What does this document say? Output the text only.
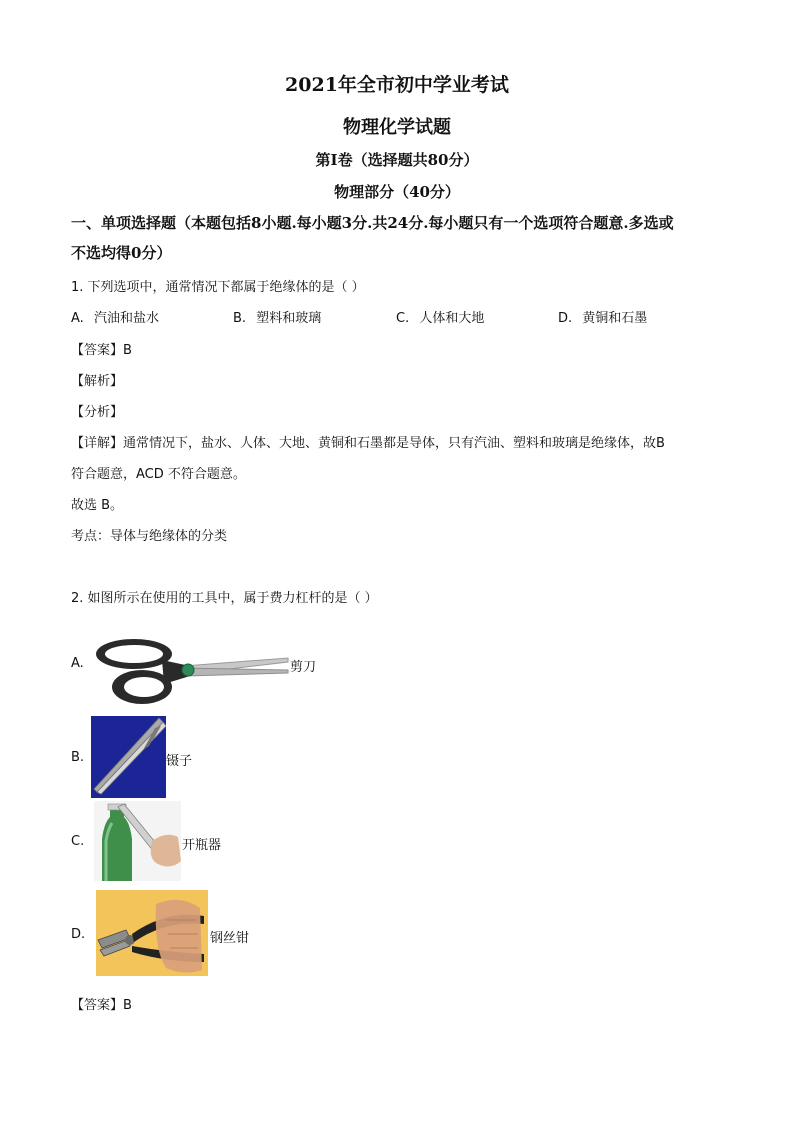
2021年全市初中学业考试
物理化学试题
第Ⅰ卷（选择题共80分）
物理部分（40分）
一、单项选择题（本题包括8小题.每小题3分.共24分.每小题只有一个选项符合题意.多选或
不选均得0分）
1. 下列选项中，通常情况下都属于绝缘体的是（ ）
A. 汽油和盐水	B. 塑料和玻璃	C. 人体和大地	D. 黄铜和石墨
【答案】B
【解析】
【分析】
【详解】通常情况下，盐水、人体、大地、黄铜和石墨都是导体，只有汽油、塑料和玻璃是绝缘体，故B
符合题意，ACD 不符合题意。
故选 B。
考点：导体与绝缘体的分类
2. 如图所示在使用的工具中，属于费力杠杆的是（ ）
A.	剪刀
B.	镊子
C.	开瓶器
D.	钢丝钳
【答案】B
